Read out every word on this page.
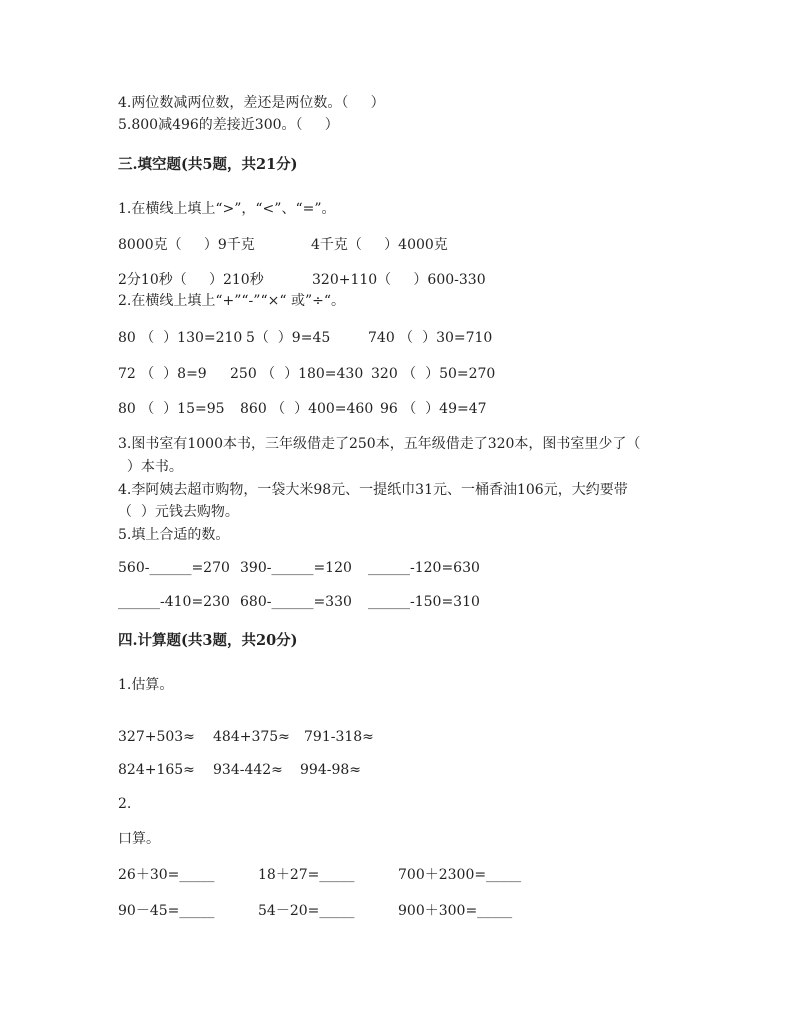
4.两位数减两位数，差还是两位数。（     ）
5.800减496的差接近300。（     ）
三.填空题(共5题，共21分)
1.在横线上填上“>”，“<”、“=”。
8000克（     ）9千克	4千克（     ）4000克
2分10秒（     ）210秒	320+110（     ）600-330
2.在横线上填上“+”“-”“×“ 或”÷“。
80 （  ）130=210 5（  ）9=45	740 （  ）30=710
72 （  ）8=9 250 （  ）180=430 320 （  ）50=270
80 （  ）15=95 860 （  ）400=460 96 （  ）49=47
3.图书室有1000本书，三年级借走了250本，五年级借走了320本，图书室里少了（
）本书。
4.李阿姨去超市购物，一袋大米98元、一提纸巾31元、一桶香油106元，大约要带
（  ）元钱去购物。
5.填上合适的数。
560-______=270 390-______=120 ______-120=630
______-410=230 680-______=330 ______-150=310
四.计算题(共3题，共20分)
1.估算。
327+503≈ 484+375≈ 791-318≈
824+165≈ 934-442≈ 994-98≈
2.
口算。
26＋30=_____	18＋27=_____	700＋2300=_____
90－45=_____	54－20=_____	900＋300=_____
